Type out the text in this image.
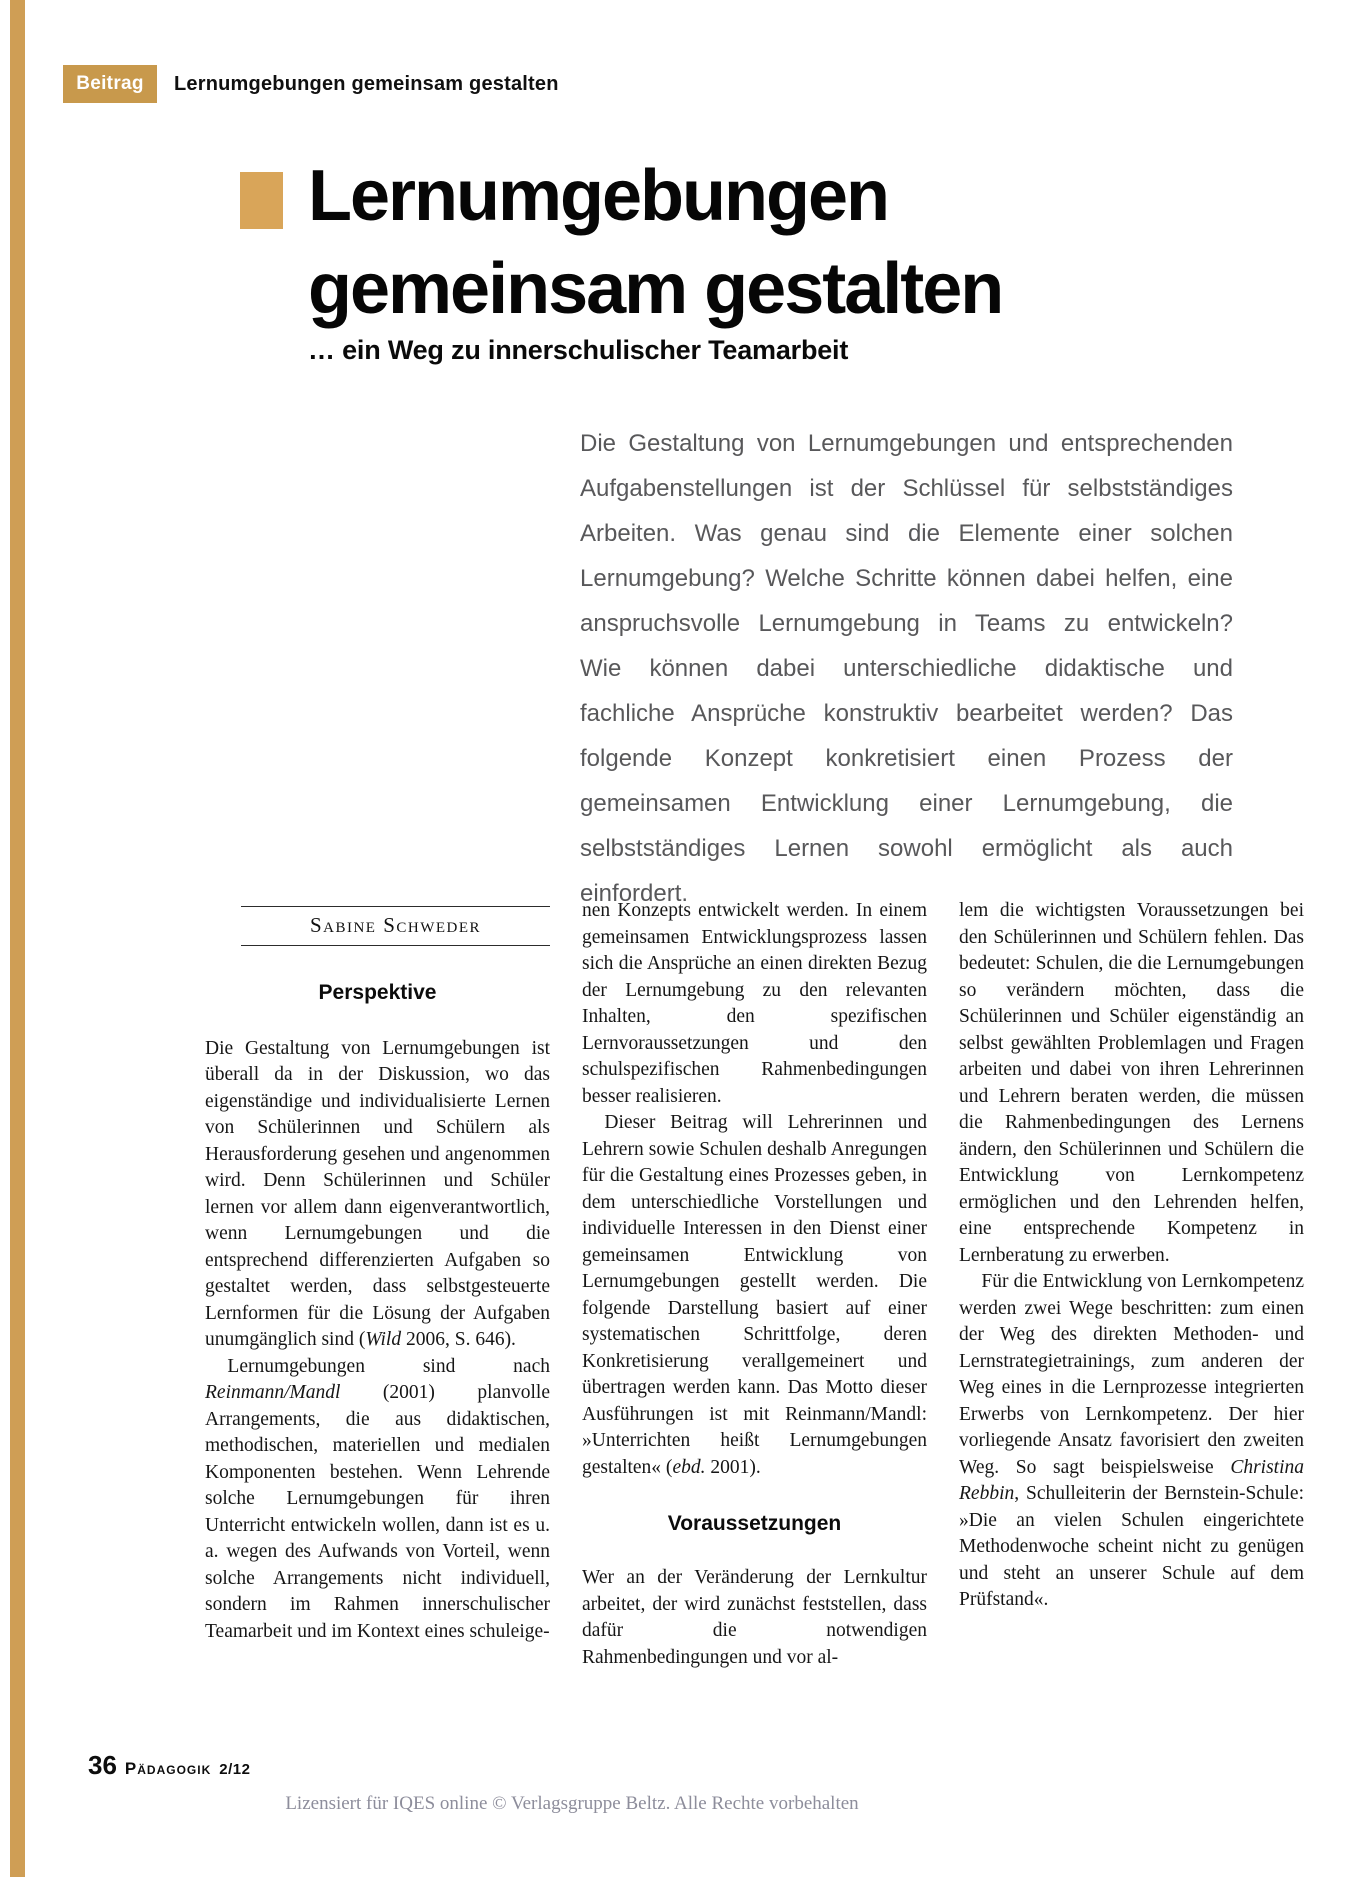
Beitrag	Lernumgebungen gemeinsam gestalten
Lernumgebungen
gemeinsam gestalten
… ein Weg zu innerschulischer Teamarbeit

Die Gestaltung von Lernumgebungen und entsprechenden Aufgabenstellungen ist der Schlüssel für selbstständiges Arbeiten. Was genau sind die Elemente einer solchen Lernumgebung? Welche Schritte können dabei helfen, eine anspruchsvolle Lernumgebung in Teams zu entwickeln? Wie können dabei unterschiedliche didaktische und fachliche Ansprüche konstruktiv bearbeitet werden? Das folgende Konzept konkretisiert einen Prozess der gemeinsamen Entwicklung einer Lernumgebung, die selbstständiges Lernen sowohl ermöglicht als auch einfordert.

Sabine Schweder
Perspektive

Die Gestaltung von Lernumgebungen ist überall da in der Diskussion, wo das eigenständige und individualisierte Lernen von Schülerinnen und Schülern als Herausforderung gesehen und angenommen wird. Denn Schülerinnen und Schüler lernen vor allem dann eigenverantwortlich, wenn Lernumgebungen und die entsprechend differenzierten Aufgaben so gestaltet werden, dass selbstgesteuerte Lernformen für die Lösung der Aufgaben unumgänglich sind (Wild 2006, S. 646).

Lernumgebungen sind nach Reinmann/Mandl (2001) planvolle Arrangements, die aus didaktischen, methodischen, materiellen und medialen Komponenten bestehen. Wenn Lehrende solche Lernumgebungen für ihren Unterricht entwickeln wollen, dann ist es u. a. wegen des Aufwands von Vorteil, wenn solche Arrangements nicht individuell, sondern im Rahmen innerschulischer Teamarbeit und im Kontext eines schuleige-

nen Konzepts entwickelt werden. In einem gemeinsamen Entwicklungsprozess lassen sich die Ansprüche an einen direkten Bezug der Lernumgebung zu den relevanten Inhalten, den spezifischen Lernvoraussetzungen und den schulspezifischen Rahmenbedingungen besser realisieren.

Dieser Beitrag will Lehrerinnen und Lehrern sowie Schulen deshalb Anregungen für die Gestaltung eines Prozesses geben, in dem unterschiedliche Vorstellungen und individuelle Interessen in den Dienst einer gemeinsamen Entwicklung von Lernumgebungen gestellt werden. Die folgende Darstellung basiert auf einer systematischen Schrittfolge, deren Konkretisierung verallgemeinert und übertragen werden kann. Das Motto dieser Ausführungen ist mit Reinmann/Mandl: »Unterrichten heißt Lernumgebungen gestalten« (ebd. 2001).

Voraussetzungen

Wer an der Veränderung der Lernkultur arbeitet, der wird zunächst feststellen, dass dafür die notwendigen Rahmenbedingungen und vor al-

lem die wichtigsten Voraussetzungen bei den Schülerinnen und Schülern fehlen. Das bedeutet: Schulen, die die Lernumgebungen so verändern möchten, dass die Schülerinnen und Schüler eigenständig an selbst gewählten Problemlagen und Fragen arbeiten und dabei von ihren Lehrerinnen und Lehrern beraten werden, die müssen die Rahmenbedingungen des Lernens ändern, den Schülerinnen und Schülern die Entwicklung von Lernkompetenz ermöglichen und den Lehrenden helfen, eine entsprechende Kompetenz in Lernberatung zu erwerben.

Für die Entwicklung von Lernkompetenz werden zwei Wege beschritten: zum einen der Weg des direkten Methoden- und Lernstrategietrainings, zum anderen der Weg eines in die Lernprozesse integrierten Erwerbs von Lernkompetenz. Der hier vorliegende Ansatz favorisiert den zweiten Weg. So sagt beispielsweise Christina Rebbin, Schulleiterin der Bernstein-Schule: »Die an vielen Schulen eingerichtete Methodenwoche scheint nicht zu genügen und steht an unserer Schule auf dem Prüfstand«.

36 Pädagogik 2/12
Lizensiert für IQES online © Verlagsgruppe Beltz. Alle Rechte vorbehalten
